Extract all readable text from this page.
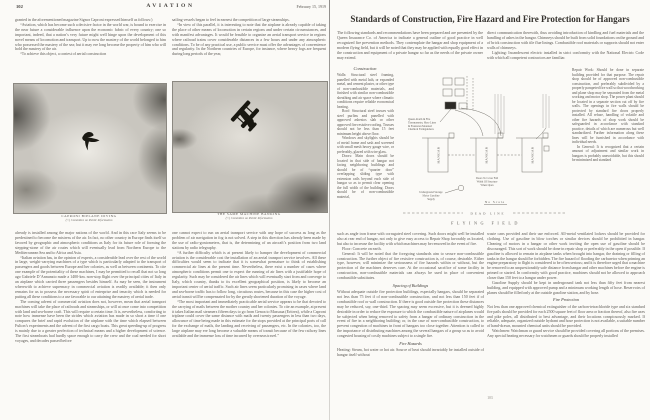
102	AVIATION	February 15, 1919
granted in the aforementioned magazine Signor Caproni expressed himself as follows:)
“Aviation, which has become such a decisive factor in the world war, is bound to exercise in the near future a considerable influence upon the economic fabric of every country; one so important, indeed, that a nation’s very future might well hinge upon the development of this novel means of locomotion and transport. Up to now the mastery of the world belonged to him who possessed the mastery of the sea; but it may ere long become the property of him who will hold the mastery of the air.
“To achieve this object, a contest of aerial construction
sailing vessels began to feel in earnest the competition of large steamships.
“In view of this parallel, it is interesting to note that the airplane is already capable of taking the place of other means of locomotion in certain regions and under certain circumstances, and with manifest advantages. It would be feasible to organize an aerial transport service in regions where railroad trains cover considerable distances in a few hours and under any atmospheric conditions. To be of any practical use, a public service must offer the advantages of convenience and regularity. In the Northern countries of Europe, for instance, where heavy fogs are frequent during long periods of the year,
CAPRONI BIPLANE DIVING
(©) Committee on Public Information
THE SAME MACHINE BANKING
(©) Committee on Public Information
already is installed among the major nations of the world. And in this race Italy seems to be predestined to become the mistress of the air. In fact, no other country in Europe finds itself so favored by geographic and atmospheric conditions as Italy for its future role of forming the stepping-stone of the air routes which will eventually lead from Northern Europe to the Mediterranean Sea and to Africa and Asia.
“Italian aviation has, in the opinion of experts, a considerable lead over the rest of the world in large, weight-carrying machines of a type which is particularly adapted to the transport of passengers and goods between Europe and her colonies, as well as between continents. To cite one example of the potentiality of these machines, I may be permitted to recall that not so long ago Gabriele D’Annunzio made a 1400-km. non-stop flight over the principal cities of Italy in an airplane which carried three passengers besides himself. As may be seen, the instrument wherewith to achieve supremacy in commercial aviation is readily available; it then only remains for us to possess the necessary spirit of enterprise and tenacity which is needed for putting all these conditions to a use favorable to our attaining the mastery of aerial trade.
The coming advent of commercial aviation does not, however, mean that aerial transport machines will take the place of railroads and steamships, or will at once come into competition with land and sea-borne craft. This will require a certain time. It is, nevertheless, comforting to note how immense have been the strides which aviation has made in so short a time if one compares the brief and rapid evolution of the airplane with the time which elapsed between Fulton’s experiments and the advent of the first cargo boats. This great speeding-up of progress is mainly due to a greater perfection of technical means and a higher development of science. The first steamboats had hardly space enough to carry the crew and the coal needed for short voyages, and decades passed before
one cannot expect to run an aerial transport service with any hope of success as long as the problem of air navigation in fog is not solved. A step in this direction has already been made by the use of radio-goniometers, that is, the determining of an aircraft’s position from two land stations by radio telegraphy.
“A further difficulty which is at present likely to hamper the development of commercial aviation is the considerable cost the installation of an aerial transport service involves. All these difficulties would seem to indicate that it is somewhat premature to think of establishing commercial air lines at the present time. Nevertheless, there exist a number of cases where atmospheric conditions permit one to expect the running of air lines with a justifiable hope of regularity. Such may be considered the air lines which will eventually start from and converge to Italy, which country, thanks to its excellent geographical position, is likely to become an important center of aerial traffic. Such air lines seem particularly promising in cases where land and sea-borne traffic has to follow long, circuitous routes, because in this case the higher cost of aerial transit will be compensated for by the greatly shortened duration of the voyage.
“The most important and immediately practicable aerial service appears to be that devoted to the carrying of mails between the mother country and her colonies. To cite an example, at present it takes Italian mail steamers fifteen days to go from Genoa to Massaua (Eritrea), while a Caproni triplane could cover the same distance with mails and twenty passengers in less than two days, allowance of time being made in this estimate for the stops provided at the principal ports of call for the exchange of mails, the landing and receiving of passengers, etc. In the colonies, too, the large airplane may ere long become a valuable means of transit because of the few railway lines available and the immense loss of time incurred by overseas travel.”
Standards of Construction, Fire Hazard and Fire Protection for Hangars
The following standards and recommendations have been prepared and are presented by the Queen Insurance Co. of America to indicate a general outline of good practice in well recognized fire prevention methods. They contemplate the hangar and shop equipment of a modern flying field, but it will be noted that they may be applied with equally good effect in the construction and equipment of a private hangar so far as the needs of the private owner may extend.
direct communication therewith, thus avoiding introduction of kindling and fuel materials and the handling of ashes in the hangar. Chimneys should be built from solid foundations on the ground and of brick construction with tile flue linings. Combustible roof materials or supports should not enter walls of chimneys.
Lighting: Incandescent electric installed in strict conformity with the National Electric Code with which all competent contractors are familiar.
Construction
Walls: Structural steel framing, panelled with metal lath, or expanded metal, and cement plaster, or other type of non-combustible materials, and finished with similar non-combustible sheathing and air space where climatic conditions require reliable economical heating.
Roof: Structural steel trusses with steel purlins and panelled with approved asbestos slab or other approved fire resistive roofing. Trusses should not be less than 15 feet minimum height above floor.
Windows and skylights should be of metal frame and sash and screened with small mesh heavy gauge wire, or preferably, glazed with wire glass.
Doors: Main doors should be located in that side of hangar not facing neighboring buildings and should be of “quarter door” overlapping sliding type with extension rails beyond each side of hangar so as to permit clear opening the full width of the building. Doors should be of non-combustible material,
Repair Work: Should be done in separate building provided for that purpose. The repair shop should be of approved non-combustible construction, and preferably subdivided by a properly parapeted fire wall so that woodworking and plane shop may be separated from the metal working and motor shop. The power plant should be located in a separate section cut off by fire walls. The openings in fire walls should be protected by standard fire doors properly installed. All refuse, handling of volatile and other fire hazards of shop work should be safeguarded in accordance with standard practice, details of which are numerous but well standardized. Further information along these lines will be furnished in accordance with individual needs.
In General: It is recognized that a certain amount of adjustment and similar work in hangars is probably unavoidable, but this should be minimized and standard
HANGAR	HANGAR	HANGAR
Queen Alarm & Fire
Thermometer, Hose Lines
& Extension Mounted
Chemical Extinguishers
Doors To Cover Full
Width Of Structure
When Open
Underground Storage
Motor Gasoline
Supply
No Scale
DEAD LINE
FLYING FIELD
such as angle iron frame with corrugated steel covering. Such doors might well be installed also at rear end of hangar, not only to give easy access to Repair Shop favorably as located, but also to increase the facility with which machines may be removed in the event of fire.
Floor: Concrete on earth.
General: It will be noted that the foregoing standards aim to secure non-combustible construction. The further object of fire resistive construction is, of course, desirable. Either type, however, will minimize the seriousness of fire hazards within or without, but the protection of the machines deserves care. At the occasional sacrifice of some facility in construction, non-combustible materials can always be used in place of convenient combustible substitutes.
Spacing of Buildings
Without adequate outside fire protection buildings, especially hangars, should be separated not less than 75 feet if of non-combustible construction, and not less than 150 feet if of combustible roof or wall construction. If there is good outside fire protection these distances may be reduced, say, one-third. The spacing may seem excessive, but it is deemed highly desirable in order to reduce the exposure to which the combustible nature of airplanes would be subjected when being removed to safety from a hangar of ordinary construction in the event of fire in a neighboring building; or, in the case of non-combustible construction, to prevent congestion of machines in front of hangars too close together. Attention is called to the importance of distributing machines among the several hangars of a group so as to avoid congested housing of costly machines subject to a single fire.
Fire Hazards
Heating: Steam, hot water or hot air. Source of heat should invariably be installed outside of hangar itself without
waste cans provided and their use enforced. All-metal ventilated lockers should be provided for clothing. Use of gasoline in blow torches or similar devices should be prohibited in hangar. Cleaning of motors in a hangar or other work inviting the open use of gasoline should be discouraged. This sort of work should be done in repair shop or preferably in the open if possible. If gasoline is allowed to remain in airplane tanks when brought into hangar, the draining or filling of tanks in the hangar should be forbidden. The fire hazard of flooding the carburetor when priming an engine preparatory to flight is considered to be often serious; and it is therefore urged that a machine be removed to an unquestionably safe distance from hangar and other machines before the engine is primed or started. In conformity with good practice, machines should not be allowed to approach closer than 150 feet to a hangar under power.
Gasoline Supply should be kept in underground tank not less than fifty feet from nearest building, and equipped with approved pump and a minimum working length of hose. Reservoirs of planes should be filled only at the outside gasoline station, and by hose.
Fire Protection
Not less than one approved chemical extinguisher of the carbon-tetrachloride type and six standard fire pails should be provided for each 2500 square feet of floor area or fraction thereof, also fire axes and pike poles, all distributed to best advantage, and their locations conspicuously marked. If reliable, adequate, organized outside hydrant and hose protection is not available, a suitable number of hand-drawn, mounted chemical units should be provided.
Watchmen: Watchman or guard service should be provided covering all portions of the premises. Any special heating necessary for watchmen or guards should be properly installed
103
